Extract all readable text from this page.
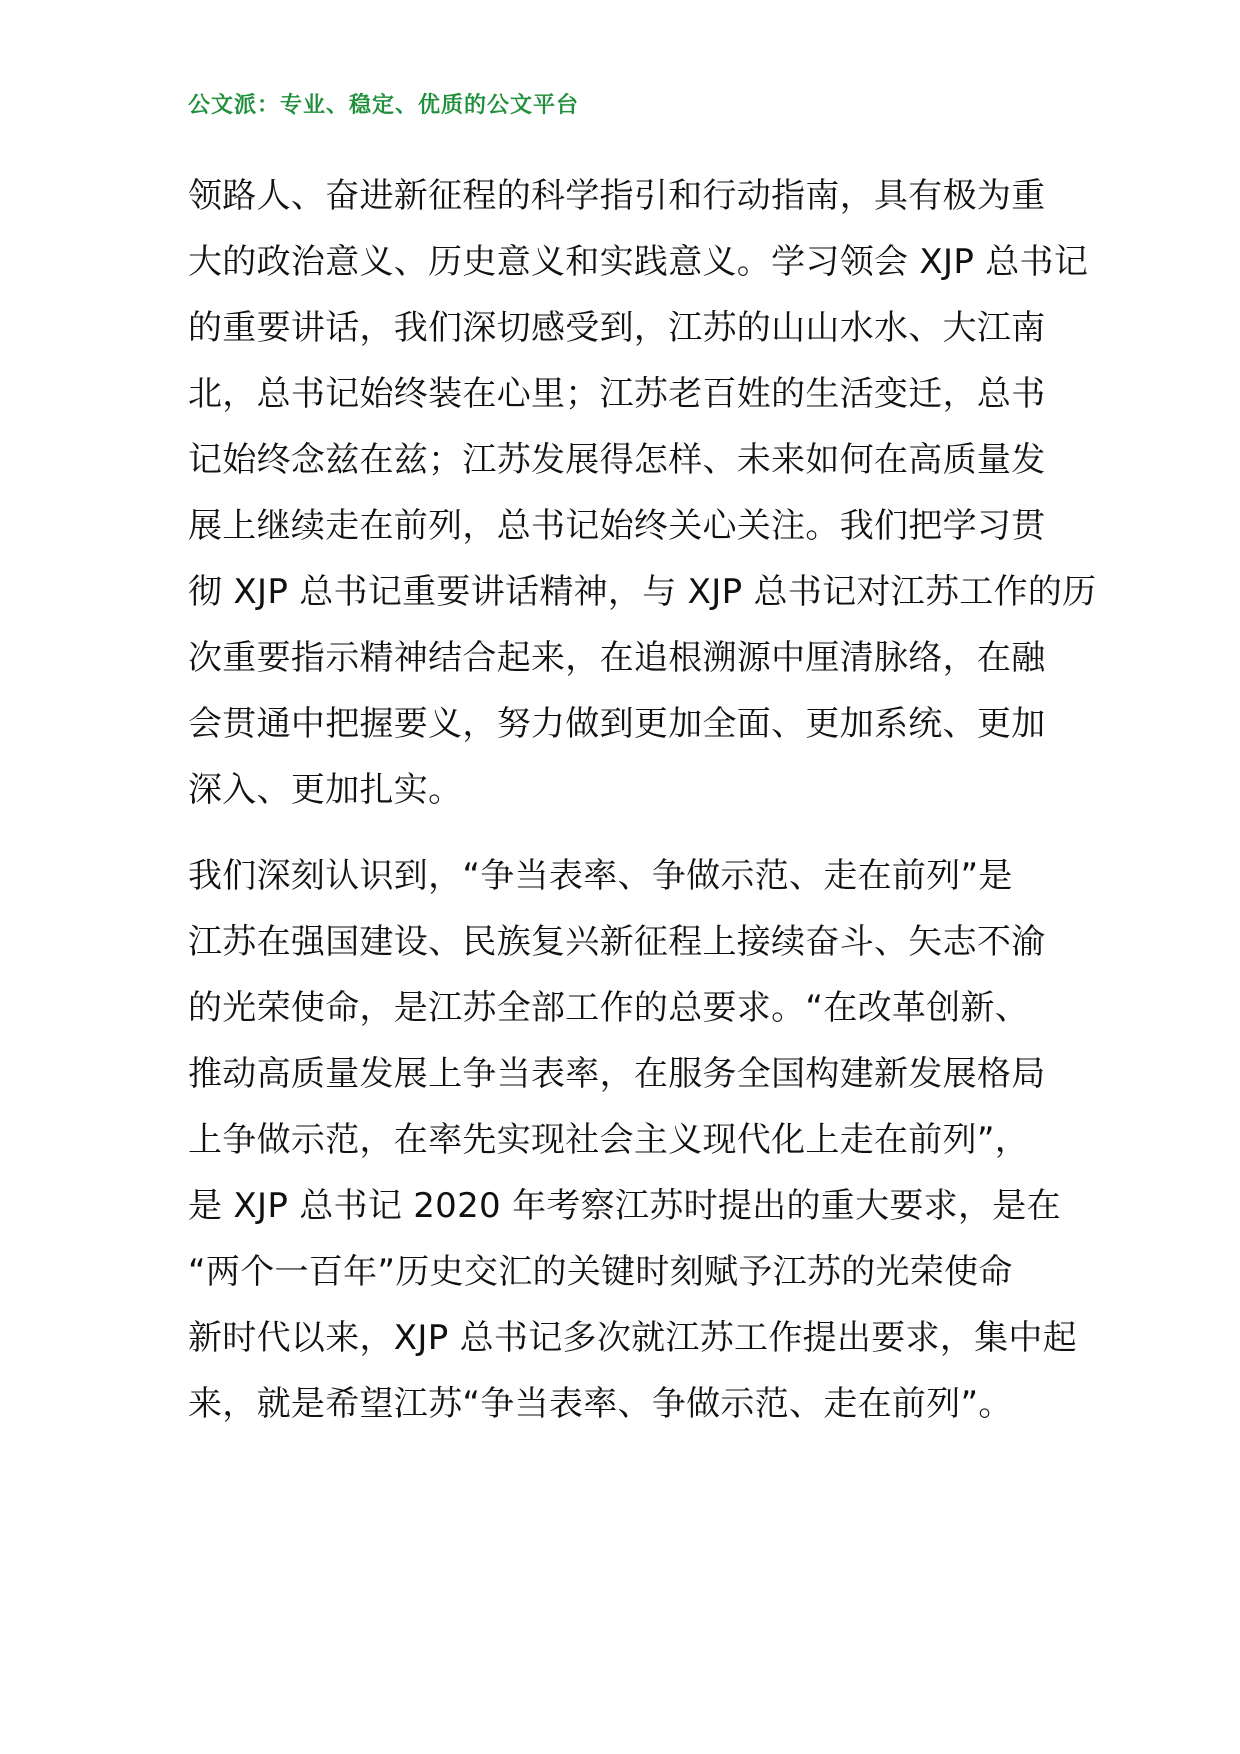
公文派：专业、稳定、优质的公文平台
领路人、奋进新征程的科学指引和行动指南，具有极为重
大的政治意义、历史意义和实践意义。学习领会 XJP 总书记
的重要讲话，我们深切感受到，江苏的山山水水、大江南
北，总书记始终装在心里；江苏老百姓的生活变迁，总书
记始终念兹在兹；江苏发展得怎样、未来如何在高质量发
展上继续走在前列，总书记始终关心关注。我们把学习贯
彻 XJP 总书记重要讲话精神，与 XJP 总书记对江苏工作的历
次重要指示精神结合起来，在追根溯源中厘清脉络，在融
会贯通中把握要义，努力做到更加全面、更加系统、更加
深入、更加扎实。
我们深刻认识到，“争当表率、争做示范、走在前列”是
江苏在强国建设、民族复兴新征程上接续奋斗、矢志不渝
的光荣使命，是江苏全部工作的总要求。“在改革创新、
推动高质量发展上争当表率，在服务全国构建新发展格局
上争做示范，在率先实现社会主义现代化上走在前列”，
是 XJP 总书记 2020 年考察江苏时提出的重大要求，是在
“两个一百年”历史交汇的关键时刻赋予江苏的光荣使命
新时代以来，XJP 总书记多次就江苏工作提出要求，集中起
来，就是希望江苏“争当表率、争做示范、走在前列”。
